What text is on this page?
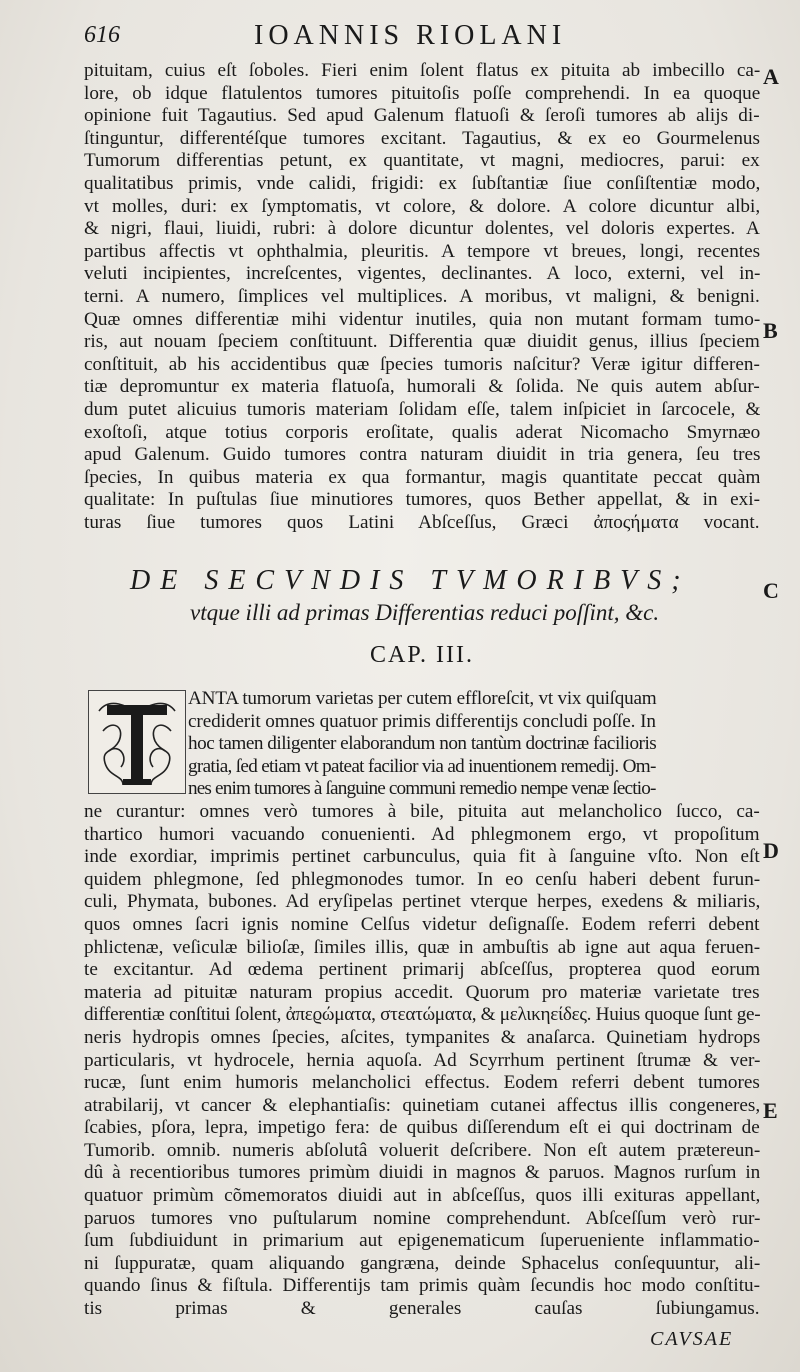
616	IOANNIS RIOLANI
A
B
C
D
E
pituitam, cuius eſt ſoboles. Fieri enim ſolent flatus ex pituita ab imbecillo ca-
lore, ob idque flatulentos tumores pituitoſis poſſe comprehendi. In ea quoque
opinione fuit Tagautius. Sed apud Galenum flatuoſi & ſeroſi tumores ab alijs di-
ſtinguntur, differentéſque tumores excitant. Tagautius, & ex eo Gourmelenus
Tumorum differentias petunt, ex quantitate, vt magni, mediocres, parui: ex
qualitatibus primis, vnde calidi, frigidi: ex ſubſtantiæ ſiue conſiſtentiæ modo,
vt molles, duri: ex ſymptomatis, vt colore, & dolore. A colore dicuntur albi,
& nigri, flaui, liuidi, rubri: à dolore dicuntur dolentes, vel doloris expertes. A
partibus affectis vt ophthalmia, pleuritis. A tempore vt breues, longi, recentes
veluti incipientes, increſcentes, vigentes, declinantes. A loco, externi, vel in-
terni. A numero, ſimplices vel multiplices. A moribus, vt maligni, & benigni.
Quæ omnes differentiæ mihi videntur inutiles, quia non mutant formam tumo-
ris, aut nouam ſpeciem conſtituunt. Differentia quæ diuidit genus, illius ſpeciem
conſtituit, ab his accidentibus quæ ſpecies tumoris naſcitur? Veræ igitur differen-
tiæ depromuntur ex materia flatuoſa, humorali & ſolida. Ne quis autem abſur-
dum putet alicuius tumoris materiam ſolidam eſſe, talem inſpiciet in ſarcocele, &
exoſtoſi, atque totius corporis eroſitate, qualis aderat Nicomacho Smyrnæo
apud Galenum. Guido tumores contra naturam diuidit in tria genera, ſeu tres
ſpecies, In quibus materia ex qua formantur, magis quantitate peccat quàm
qualitate: In puſtulas ſiue minutiores tumores, quos Bether appellat, & in exi-
turas ſiue tumores quos Latini Abſceſſus, Græci ἀποςήματα vocant.
DE SECVNDIS TVMORIBVS;
vtque illi ad primas Differentias reduci poſſint, &c.
CAP. III.
ANTA tumorum varietas per cutem effloreſcit, vt vix quiſquam
crediderit omnes quatuor primis differentijs concludi poſſe. In
hoc tamen diligenter elaborandum non tantùm doctrinæ facilioris
gratia, ſed etiam vt pateat facilior via ad inuentionem remedij. Om-
nes enim tumores à ſanguine communi remedio nempe venæ ſectio-
ne curantur: omnes verò tumores à bile, pituita aut melancholico ſucco, ca-
thartico humori vacuando conuenienti. Ad phlegmonem ergo, vt propoſitum
inde exordiar, imprimis pertinet carbunculus, quia fit à ſanguine vſto. Non eſt
quidem phlegmone, ſed phlegmonodes tumor. In eo cenſu haberi debent furun-
culi, Phymata, bubones. Ad eryſipelas pertinet vterque herpes, exedens & miliaris,
quos omnes ſacri ignis nomine Celſus videtur deſignaſſe. Eodem referri debent
phlictenæ, veſiculæ bilioſæ, ſimiles illis, quæ in ambuſtis ab igne aut aqua feruen-
te excitantur. Ad œdema pertinent primarij abſceſſus, propterea quod eorum
materia ad pituitæ naturam propius accedit. Quorum pro materiæ varietate tres
differentiæ conſtitui ſolent, ἀπεϱώματα, στεατώματα, & μελικηείδες. Huius quoque ſunt ge-
neris hydropis omnes ſpecies, aſcites, tympanites & anaſarca. Quinetiam hydrops
particularis, vt hydrocele, hernia aquoſa. Ad Scyrrhum pertinent ſtrumæ & ver-
rucæ, ſunt enim humoris melancholici effectus. Eodem referri debent tumores
atrabilarij, vt cancer & elephantiaſis: quinetiam cutanei affectus illis congeneres,
ſcabies, pſora, lepra, impetigo fera: de quibus diſſerendum eſt ei qui doctrinam de
Tumorib. omnib. numeris abſolutâ voluerit deſcribere. Non eſt autem prætereun-
dû à recentioribus tumores primùm diuidi in magnos & paruos. Magnos rurſum in
quatuor primùm cõmemoratos diuidi aut in abſceſſus, quos illi exituras appellant,
paruos tumores vno puſtularum nomine comprehendunt. Abſceſſum verò rur-
ſum ſubdiuidunt in primarium aut epigenematicum ſuperueniente inflammatio-
ni ſuppuratæ, quam aliquando gangræna, deinde Sphacelus conſequuntur, ali-
quando ſinus & fiſtula. Differentijs tam primis quàm ſecundis hoc modo conſtitu-
tis primas & generales cauſas ſubiungamus.
CAVSAE
